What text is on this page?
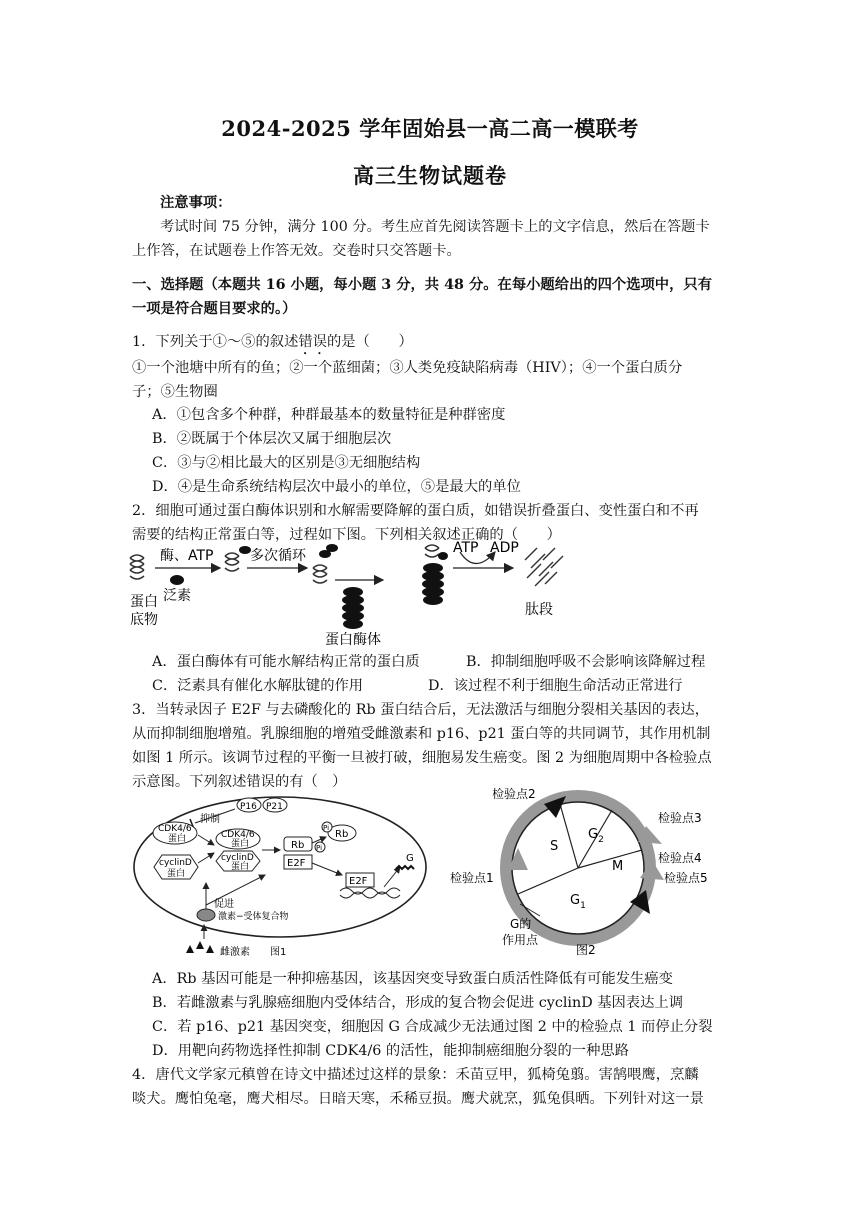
2024-2025 学年固始县一高二高一模联考
高三生物试题卷
注意事项：
考试时间 75 分钟，满分 100 分。考生应首先阅读答题卡上的文字信息，然后在答题卡
上作答，在试题卷上作答无效。交卷时只交答题卡。
一、选择题（本题共 16 小题，每小题 3 分，共 48 分。在每小题给出的四个选项中，只有
一项是符合题目要求的。）
1．下列关于①～⑤的叙述错误的是（　　）
①一个池塘中所有的鱼；②一个蓝细菌；③人类免疫缺陷病毒（HIV）；④一个蛋白质分
子；⑤生物圈
A．①包含多个种群，种群最基本的数量特征是种群密度
B．②既属于个体层次又属于细胞层次
C．③与②相比最大的区别是③无细胞结构
D．④是生命系统结构层次中最小的单位，⑤是最大的单位
2．细胞可通过蛋白酶体识别和水解需要降解的蛋白质，如错误折叠蛋白、变性蛋白和不再
需要的结构正常蛋白等，过程如下图。下列相关叙述正确的（　　）
蛋白
底物
泛素
酶、ATP	多次循环
蛋白酶体
ATP ADP
肽段
A．蛋白酶体有可能水解结构正常的蛋白质	B．抑制细胞呼吸不会影响该降解过程
C．泛素具有催化水解肽键的作用	D．该过程不利于细胞生命活动正常进行
3．当转录因子 E2F 与去磷酸化的 Rb 蛋白结合后，无法激活与细胞分裂相关基因的表达，
从而抑制细胞增殖。乳腺细胞的增殖受雌激素和 p16、p21 蛋白等的共同调节，其作用机制
如图 1 所示。该调节过程的平衡一旦被打破，细胞易发生癌变。图 2 为细胞周期中各检验点
示意图。下列叙述错误的有（　）
抑制
P16 P21
CDK4/6
蛋白
cyclinD
蛋白
CDK4/6
蛋白
cyclinD
蛋白
Rb
E2F
Rb
Pi
Pi
E2F
G
促进
激素−受体复合物
雌激素 图1
S
$G_2$
M
$G_1$
检验点2
检验点3
检验点4
检验点5
检验点1
G的
作用点
图2
A．Rb 基因可能是一种抑癌基因，该基因突变导致蛋白质活性降低有可能发生癌变
B．若雌激素与乳腺癌细胞内受体结合，形成的复合物会促进 cyclinD 基因表达上调
C．若 p16、p21 基因突变，细胞因 G 合成减少无法通过图 2 中的检验点 1 而停止分裂
D．用靶向药物选择性抑制 CDK4/6 的活性，能抑制癌细胞分裂的一种思路
4．唐代文学家元稹曾在诗文中描述过这样的景象：禾苗豆甲，狐椅兔翦。害鹄喂鹰，烹麟
啖犬。鹰怕兔毫，鹰犬相尽。日暗天寒，禾稀豆损。鹰犬就烹，狐兔俱晒。下列针对这一景
